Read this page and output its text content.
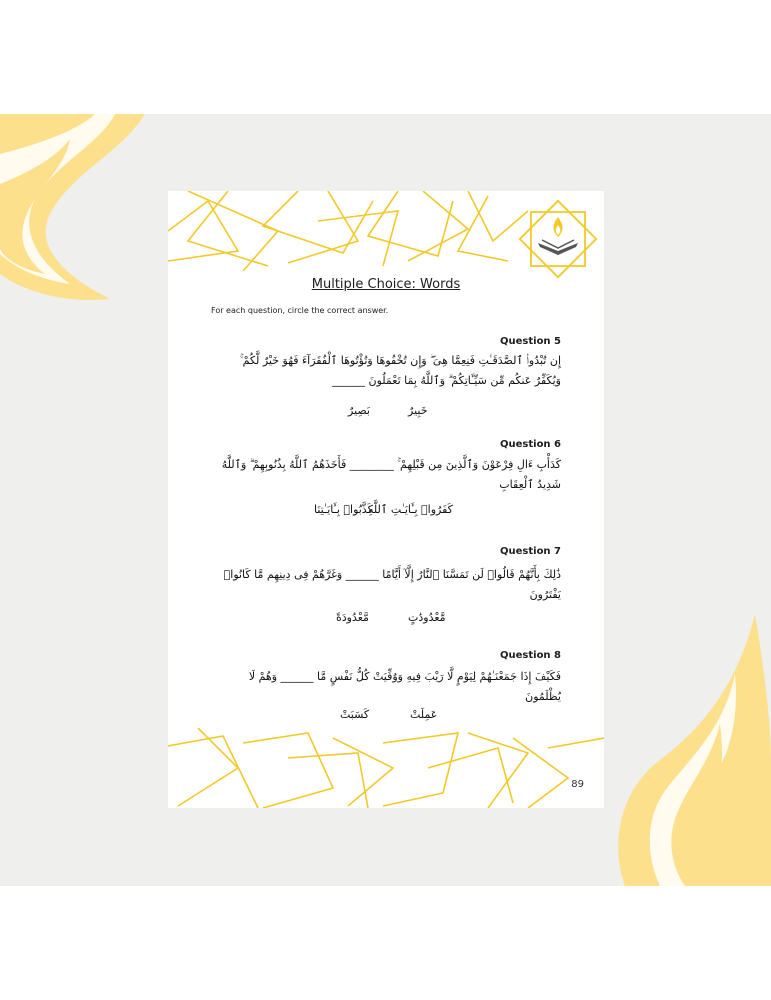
Multiple Choice: Words
For each question, circle the correct answer.
Question 5
إِن تُبْدُوا۟ ٱلصَّدَقَـٰتِ فَنِعِمَّا هِىَ ۖ وَإِن تُخْفُوهَا وَتُؤْتُوهَا ٱلْفُقَرَآءَ فَهُوَ خَيْرٌ لَّكُمْ ۚ وَيُكَفِّرُ عَنكُم مِّن سَيِّـَٔاتِكُمْ ۗ وَٱللَّهُ بِمَا تَعْمَلُونَ ______
خَبِيرٌ
بَصِيرٌ
Question 6
كَدَأْبِ ءَالِ فِرْعَوْنَ وَٱلَّذِينَ مِن قَبْلِهِمْ ۚ ________ فَأَخَذَهُمُ ٱللَّهُ بِذُنُوبِهِمْ ۗ وَٱللَّهُ شَدِيدُ ٱلْعِقَابِ
كَذَّبُوا۟ بِـَٔايَـٰتِنَا
كَفَرُوا۟ بِـَٔايَـٰتِ ٱللَّهِ
Question 7
ذَٰلِكَ بِأَنَّهُمْ قَالُوا۟ لَن تَمَسَّنَا ٱلنَّارُ إِلَّآ أَيَّامًا ______ وَغَرَّهُمْ فِى دِينِهِم مَّا كَانُوا۟ يَفْتَرُونَ
مَّعْدُودَٰتٍ
مَّعْدُودَةً
Question 8
فَكَيْفَ إِذَا جَمَعْنَـٰهُمْ لِيَوْمٍ لَّا رَيْبَ فِيهِ وَوُفِّيَتْ كُلُّ نَفْسٍ مَّا ______ وَهُمْ لَا يُظْلَمُونَ
عَمِلَتْ
كَسَبَتْ
89
